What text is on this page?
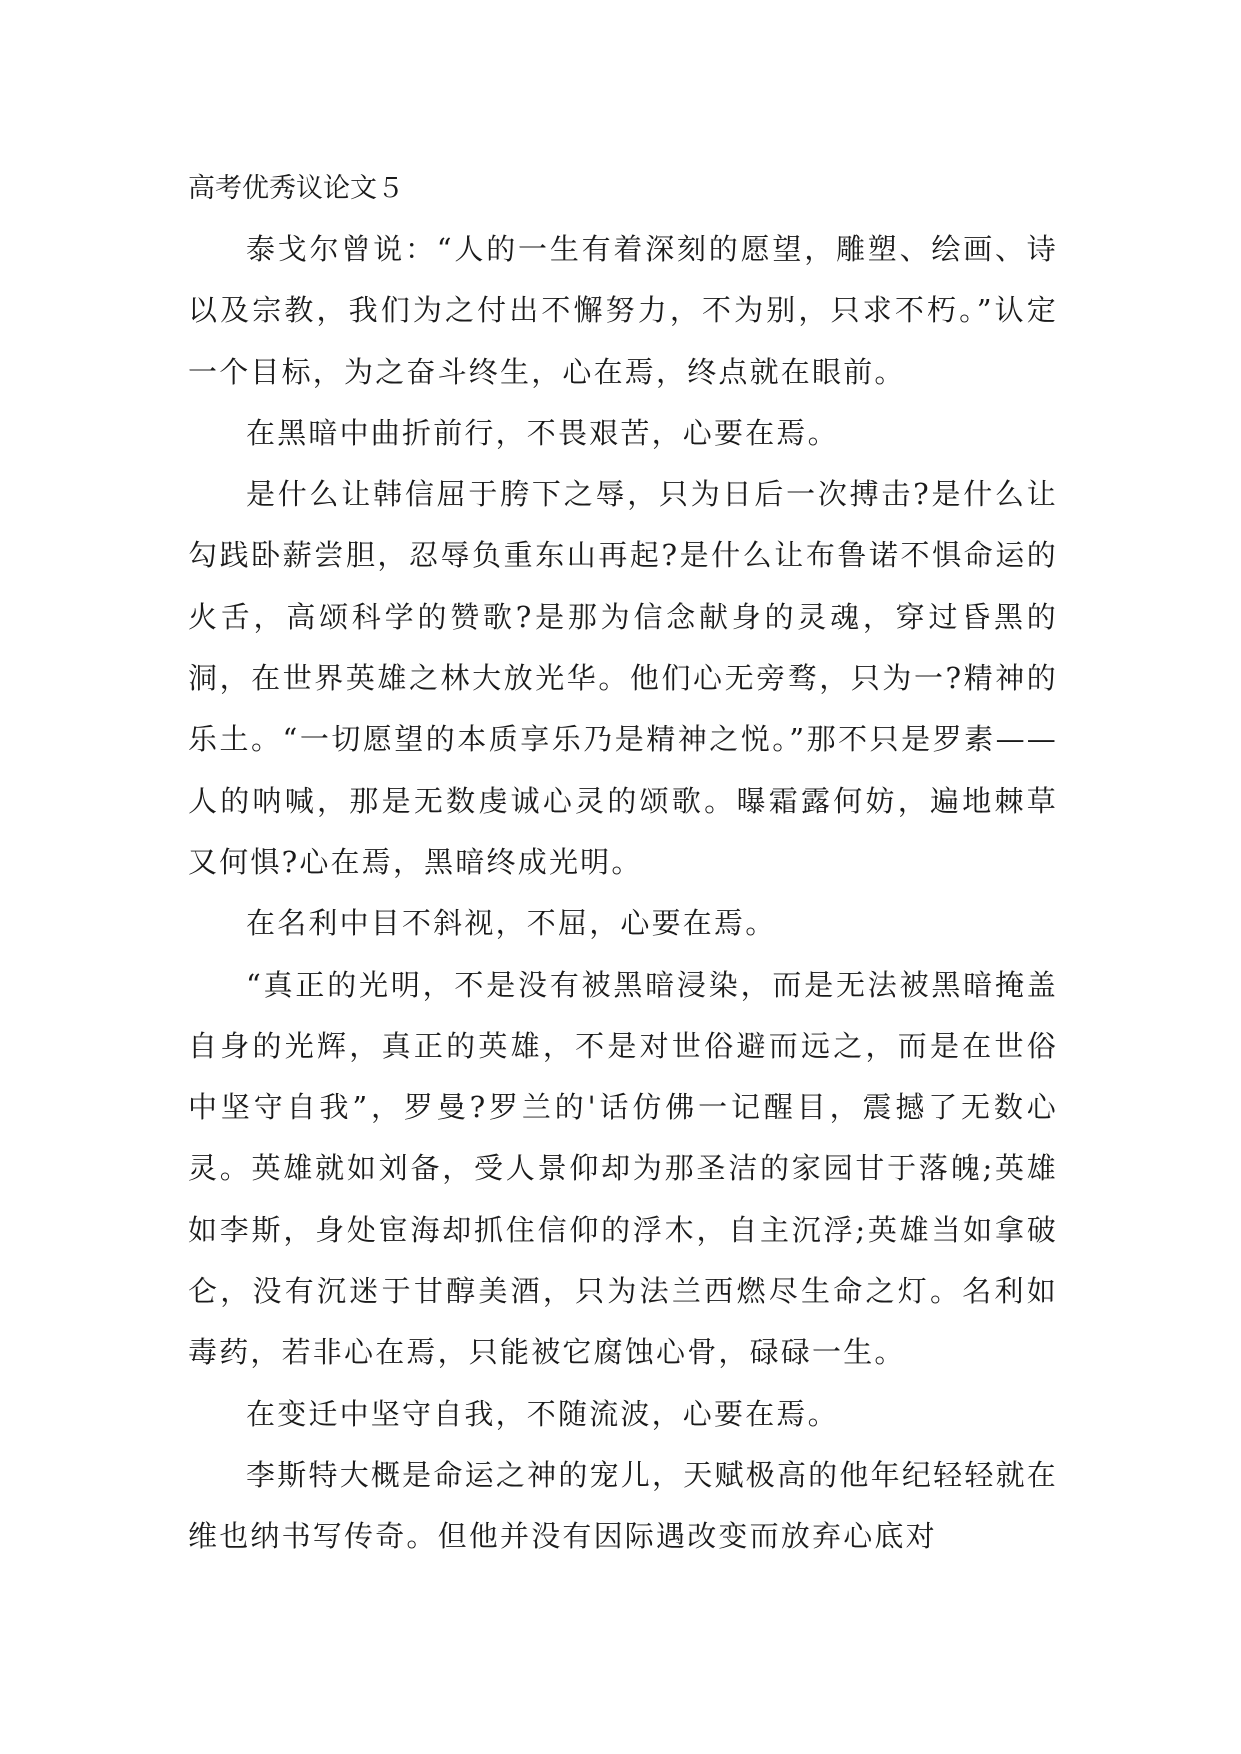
高考优秀议论文５

泰戈尔曾说：“人的一生有着深刻的愿望，雕塑、绘画、诗以及宗教，我们为之付出不懈努力，不为别，只求不朽。”认定一个目标，为之奋斗终生，心在焉，终点就在眼前。

在黑暗中曲折前行，不畏艰苦，心要在焉。

是什么让韩信屈于胯下之辱，只为日后一次搏击?是什么让勾践卧薪尝胆，忍辱负重东山再起?是什么让布鲁诺不惧命运的火舌，高颂科学的赞歌?是那为信念献身的灵魂，穿过昏黑的洞，在世界英雄之林大放光华。他们心无旁骛，只为一?精神的乐土。“一切愿望的本质享乐乃是精神之悦。”那不只是罗素——人的呐喊，那是无数虔诚心灵的颂歌。曝霜露何妨，遍地棘草又何惧?心在焉，黑暗终成光明。

在名利中目不斜视，不屈，心要在焉。

“真正的光明，不是没有被黑暗浸染，而是无法被黑暗掩盖自身的光辉，真正的英雄，不是对世俗避而远之，而是在世俗中坚守自我”，罗曼?罗兰的'话仿佛一记醒目，震撼了无数心灵。英雄就如刘备，受人景仰却为那圣洁的家园甘于落魄;英雄如李斯，身处宦海却抓住信仰的浮木，自主沉浮;英雄当如拿破仑，没有沉迷于甘醇美酒，只为法兰西燃尽生命之灯。名利如毒药，若非心在焉，只能被它腐蚀心骨，碌碌一生。

在变迁中坚守自我，不随流波，心要在焉。

李斯特大概是命运之神的宠儿，天赋极高的他年纪轻轻就在维也纳书写传奇。但他并没有因际遇改变而放弃心底对
